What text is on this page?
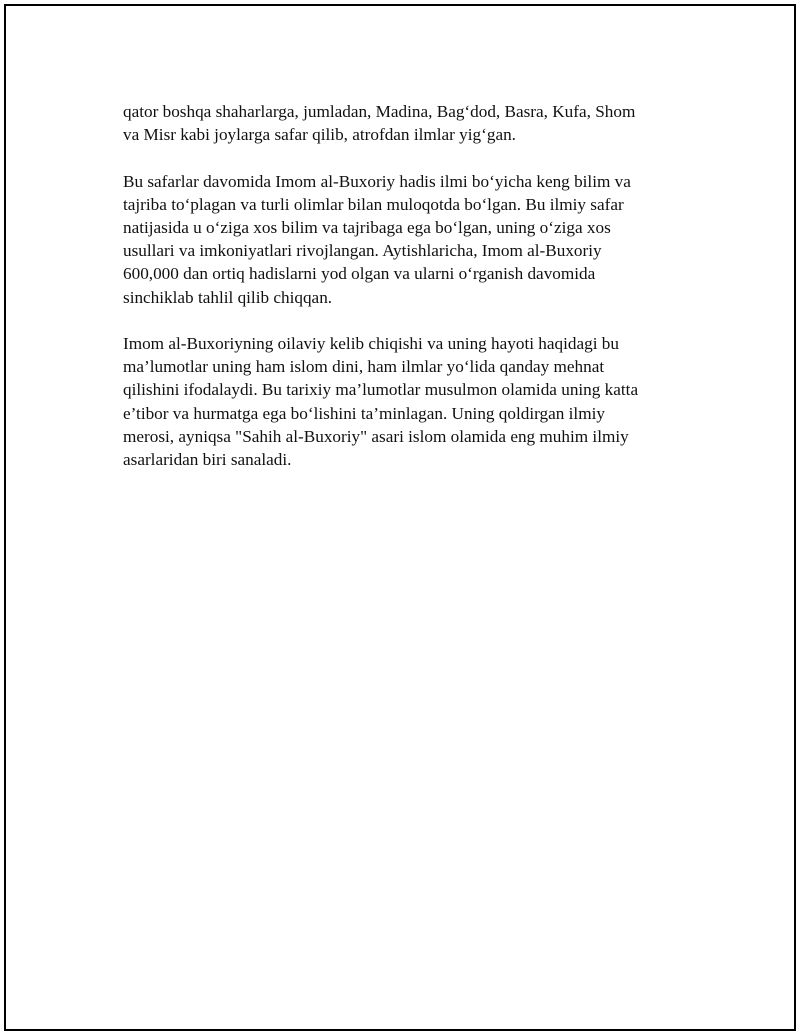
qator boshqa shaharlarga, jumladan, Madina, Bag‘dod, Basra, Kufa, Shom
va Misr kabi joylarga safar qilib, atrofdan ilmlar yig‘gan.

Bu safarlar davomida Imom al-Buxoriy hadis ilmi bo‘yicha keng bilim va
tajriba to‘plagan va turli olimlar bilan muloqotda bo‘lgan. Bu ilmiy safar
natijasida u o‘ziga xos bilim va tajribaga ega bo‘lgan, uning o‘ziga xos
usullari va imkoniyatlari rivojlangan. Aytishlaricha, Imom al-Buxoriy
600,000 dan ortiq hadislarni yod olgan va ularni o‘rganish davomida
sinchiklab tahlil qilib chiqqan.

Imom al-Buxoriyning oilaviy kelib chiqishi va uning hayoti haqidagi bu
ma’lumotlar uning ham islom dini, ham ilmlar yo‘lida qanday mehnat
qilishini ifodalaydi. Bu tarixiy ma’lumotlar musulmon olamida uning katta
e’tibor va hurmatga ega bo‘lishini ta’minlagan. Uning qoldirgan ilmiy
merosi, ayniqsa "Sahih al-Buxoriy" asari islom olamida eng muhim ilmiy
asarlaridan biri sanaladi.
